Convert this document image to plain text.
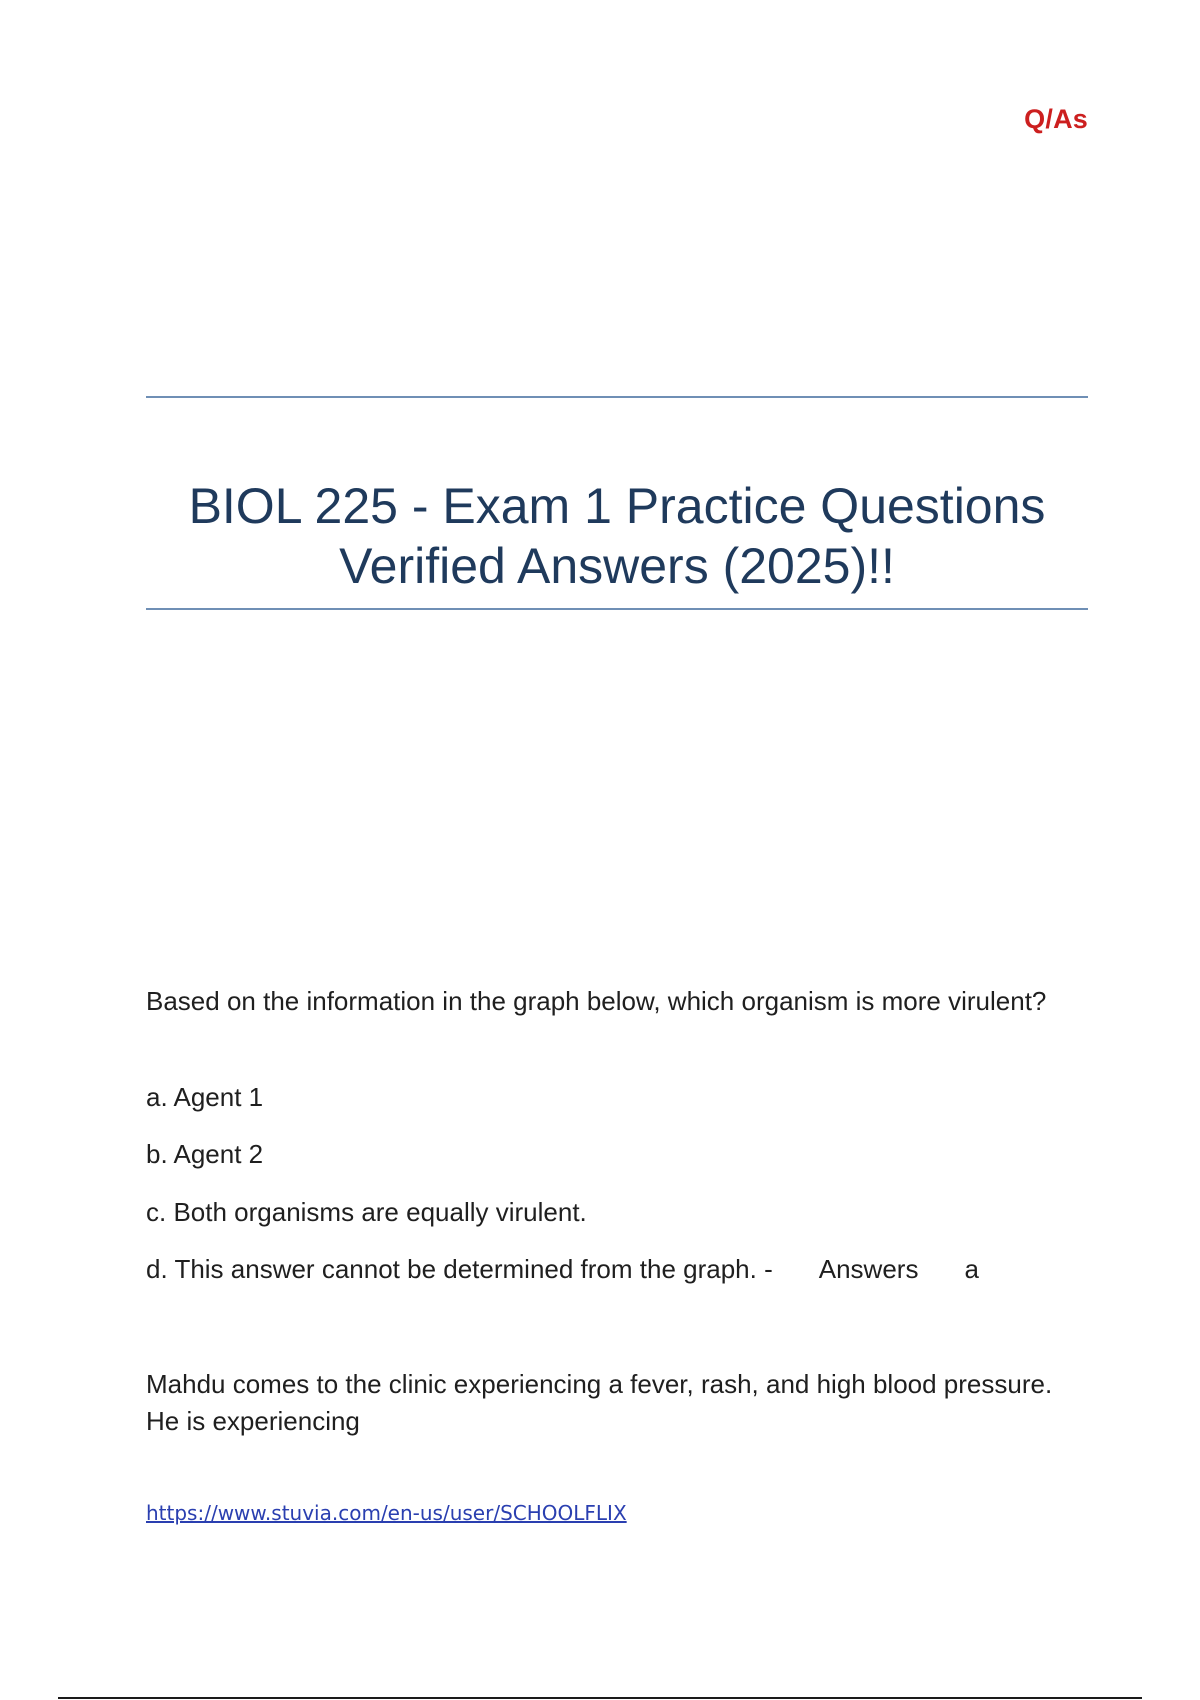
Q/As
BIOL 225 - Exam 1 Practice Questions
Verified Answers (2025)!!
Based on the information in the graph below, which organism is more virulent?
a. Agent 1
b. Agent 2
c. Both organisms are equally virulent.
d. This answer cannot be determined from the graph. - Answers a
Mahdu comes to the clinic experiencing a fever, rash, and high blood pressure. He is experiencing
https://www.stuvia.com/en-us/user/SCHOOLFLIX
